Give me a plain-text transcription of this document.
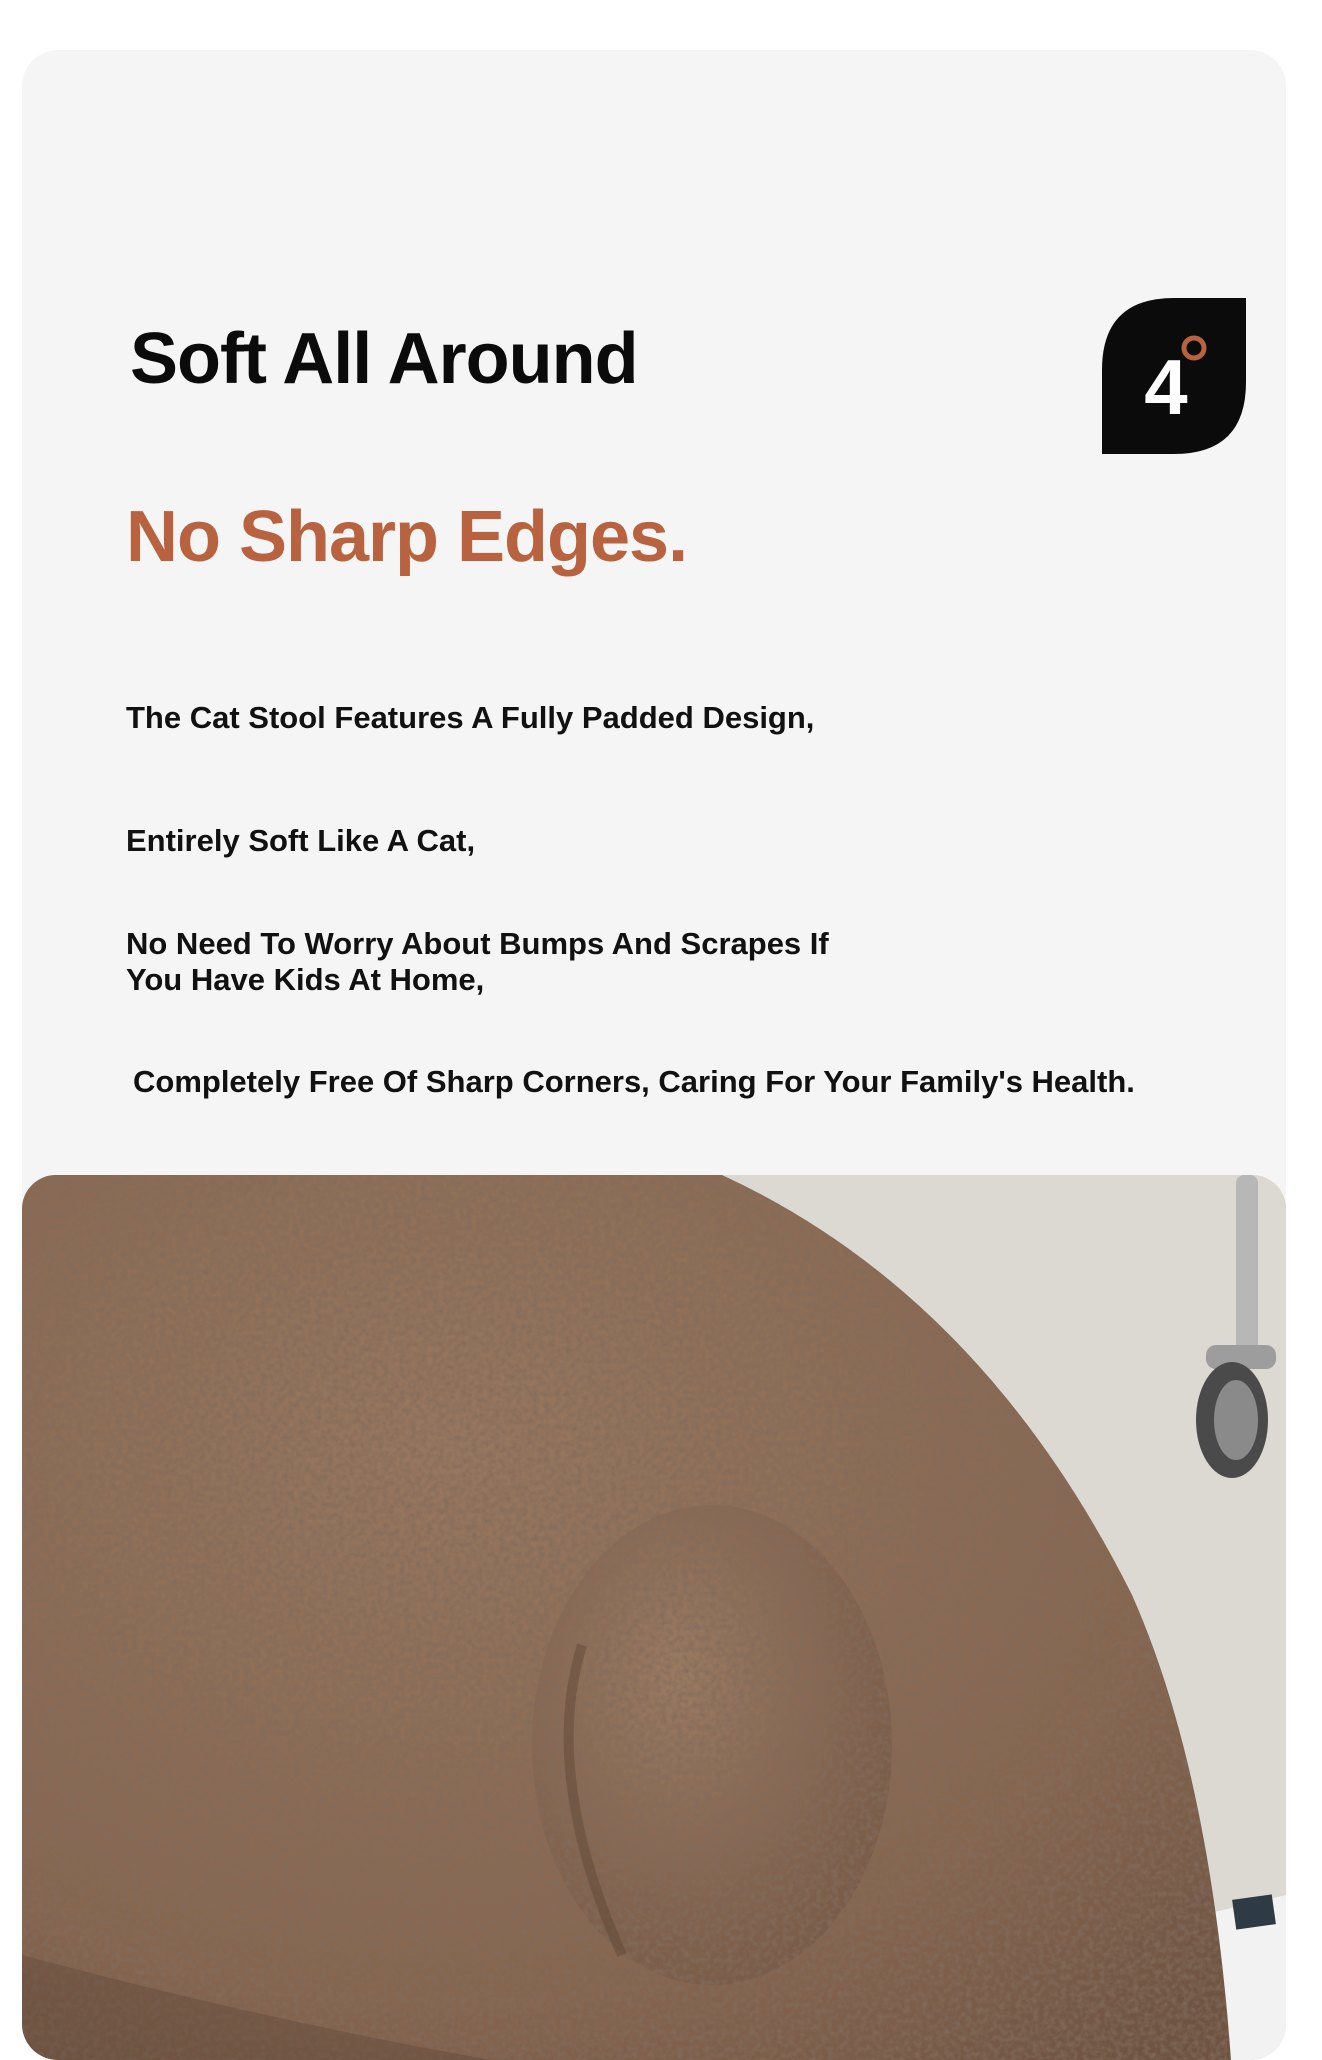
Soft All Around	4
No Sharp Edges.

The Cat Stool Features A Fully Padded Design,

Entirely Soft Like A Cat,

No Need To Worry About Bumps And Scrapes If You Have Kids At Home,

Completely Free Of Sharp Corners, Caring For Your Family's Health.
